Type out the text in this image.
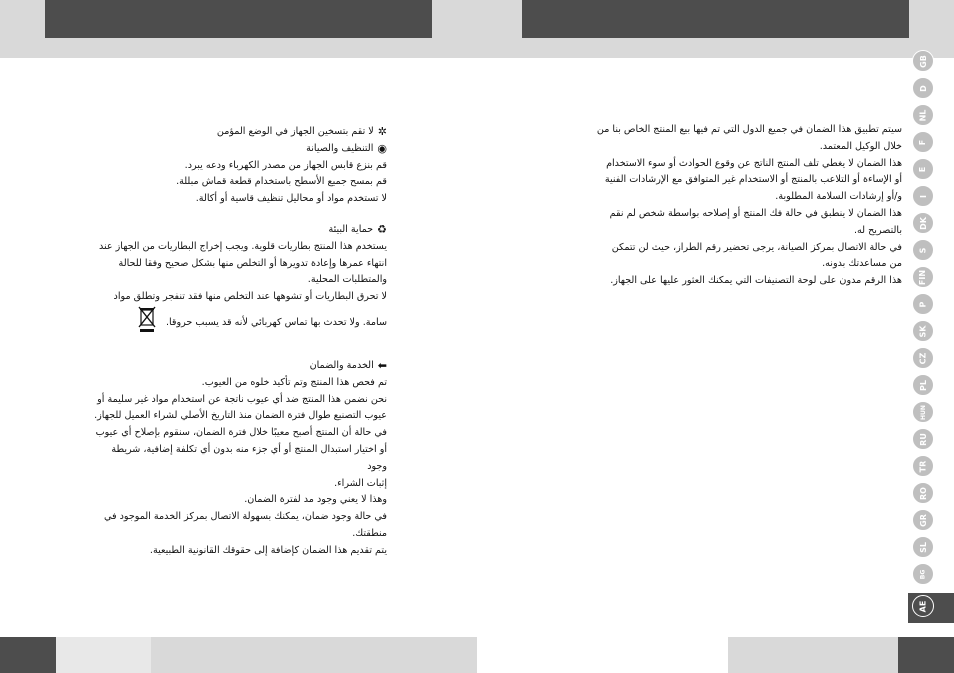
✲
لا تقم بتسخين الجهاز في الوضع المؤمن

◉
التنظيف والصيانة

قم بنزع قابس الجهاز من مصدر الكهرباء ودعه يبرد.

قم بمسح جميع الأسطح باستخدام قطعة قماش مبللة.

لا تستخدم مواد أو محاليل تنظيف قاسية أو أكالة.

♻
حماية البيئة

يستخدم هذا المنتج بطاريات قلوية. ويجب إخراج البطاريات من الجهاز عند

انتهاء عمرها وإعادة تدويرها أو التخلص منها بشكل صحيح وفقا للحالة

والمتطلبات المحلية.

لا تحرق البطاريات أو تشوهها عند التخلص منها فقد تنفجر وتطلق مواد

سامة. ولا تحدث بها تماس كهربائي لأنه قد يسبب حروقا.

⬅
الخدمة والضمان

تم فحص هذا المنتج وتم تأكيد خلوه من العيوب.

نحن نضمن هذا المنتج ضد أي عيوب ناتجة عن استخدام مواد غير سليمة أو

عيوب التصنيع طوال فترة الضمان منذ التاريخ الأصلي لشراء العميل للجهاز.

في حالة أن المنتج أصبح معيبًا خلال فترة الضمان، سنقوم بإصلاح أي عيوب

أو اختيار استبدال المنتج أو أي جزء منه بدون أي تكلفة إضافية، شريطة وجود

إثبات الشراء.

وهذا لا يعني وجود مد لفترة الضمان.

في حالة وجود ضمان، يمكنك بسهولة الاتصال بمركز الخدمة الموجود في

منطقتك.

يتم تقديم هذا الضمان كإضافة إلى حقوقك القانونية الطبيعية.

سيتم تطبيق هذا الضمان في جميع الدول التي تم فيها بيع المنتج الخاص بنا من

خلال الوكيل المعتمد.

هذا الضمان لا يغطي تلف المنتج الناتج عن وقوع الحوادث أو سوء الاستخدام

أو الإساءة أو التلاعب بالمنتج أو الاستخدام غير المتوافق مع الإرشادات الفنية

و/أو إرشادات السلامة المطلوبة.

هذا الضمان لا ينطبق في حالة فك المنتج أو إصلاحه بواسطة شخص لم نقم

بالتصريح له.

في حالة الاتصال بمركز الصيانة، يرجى تحضير رقم الطراز، حيث لن تتمكن

من مساعدتك بدونه.

هذا الرقم مدون على لوحة التصنيفات التي يمكنك العثور عليها على الجهاز.

GB
D
NL
F
E
I
DK
S
FIN
P
SK
CZ
PL
HUN
RU
TR
RO
GR
SL
BG
AE
